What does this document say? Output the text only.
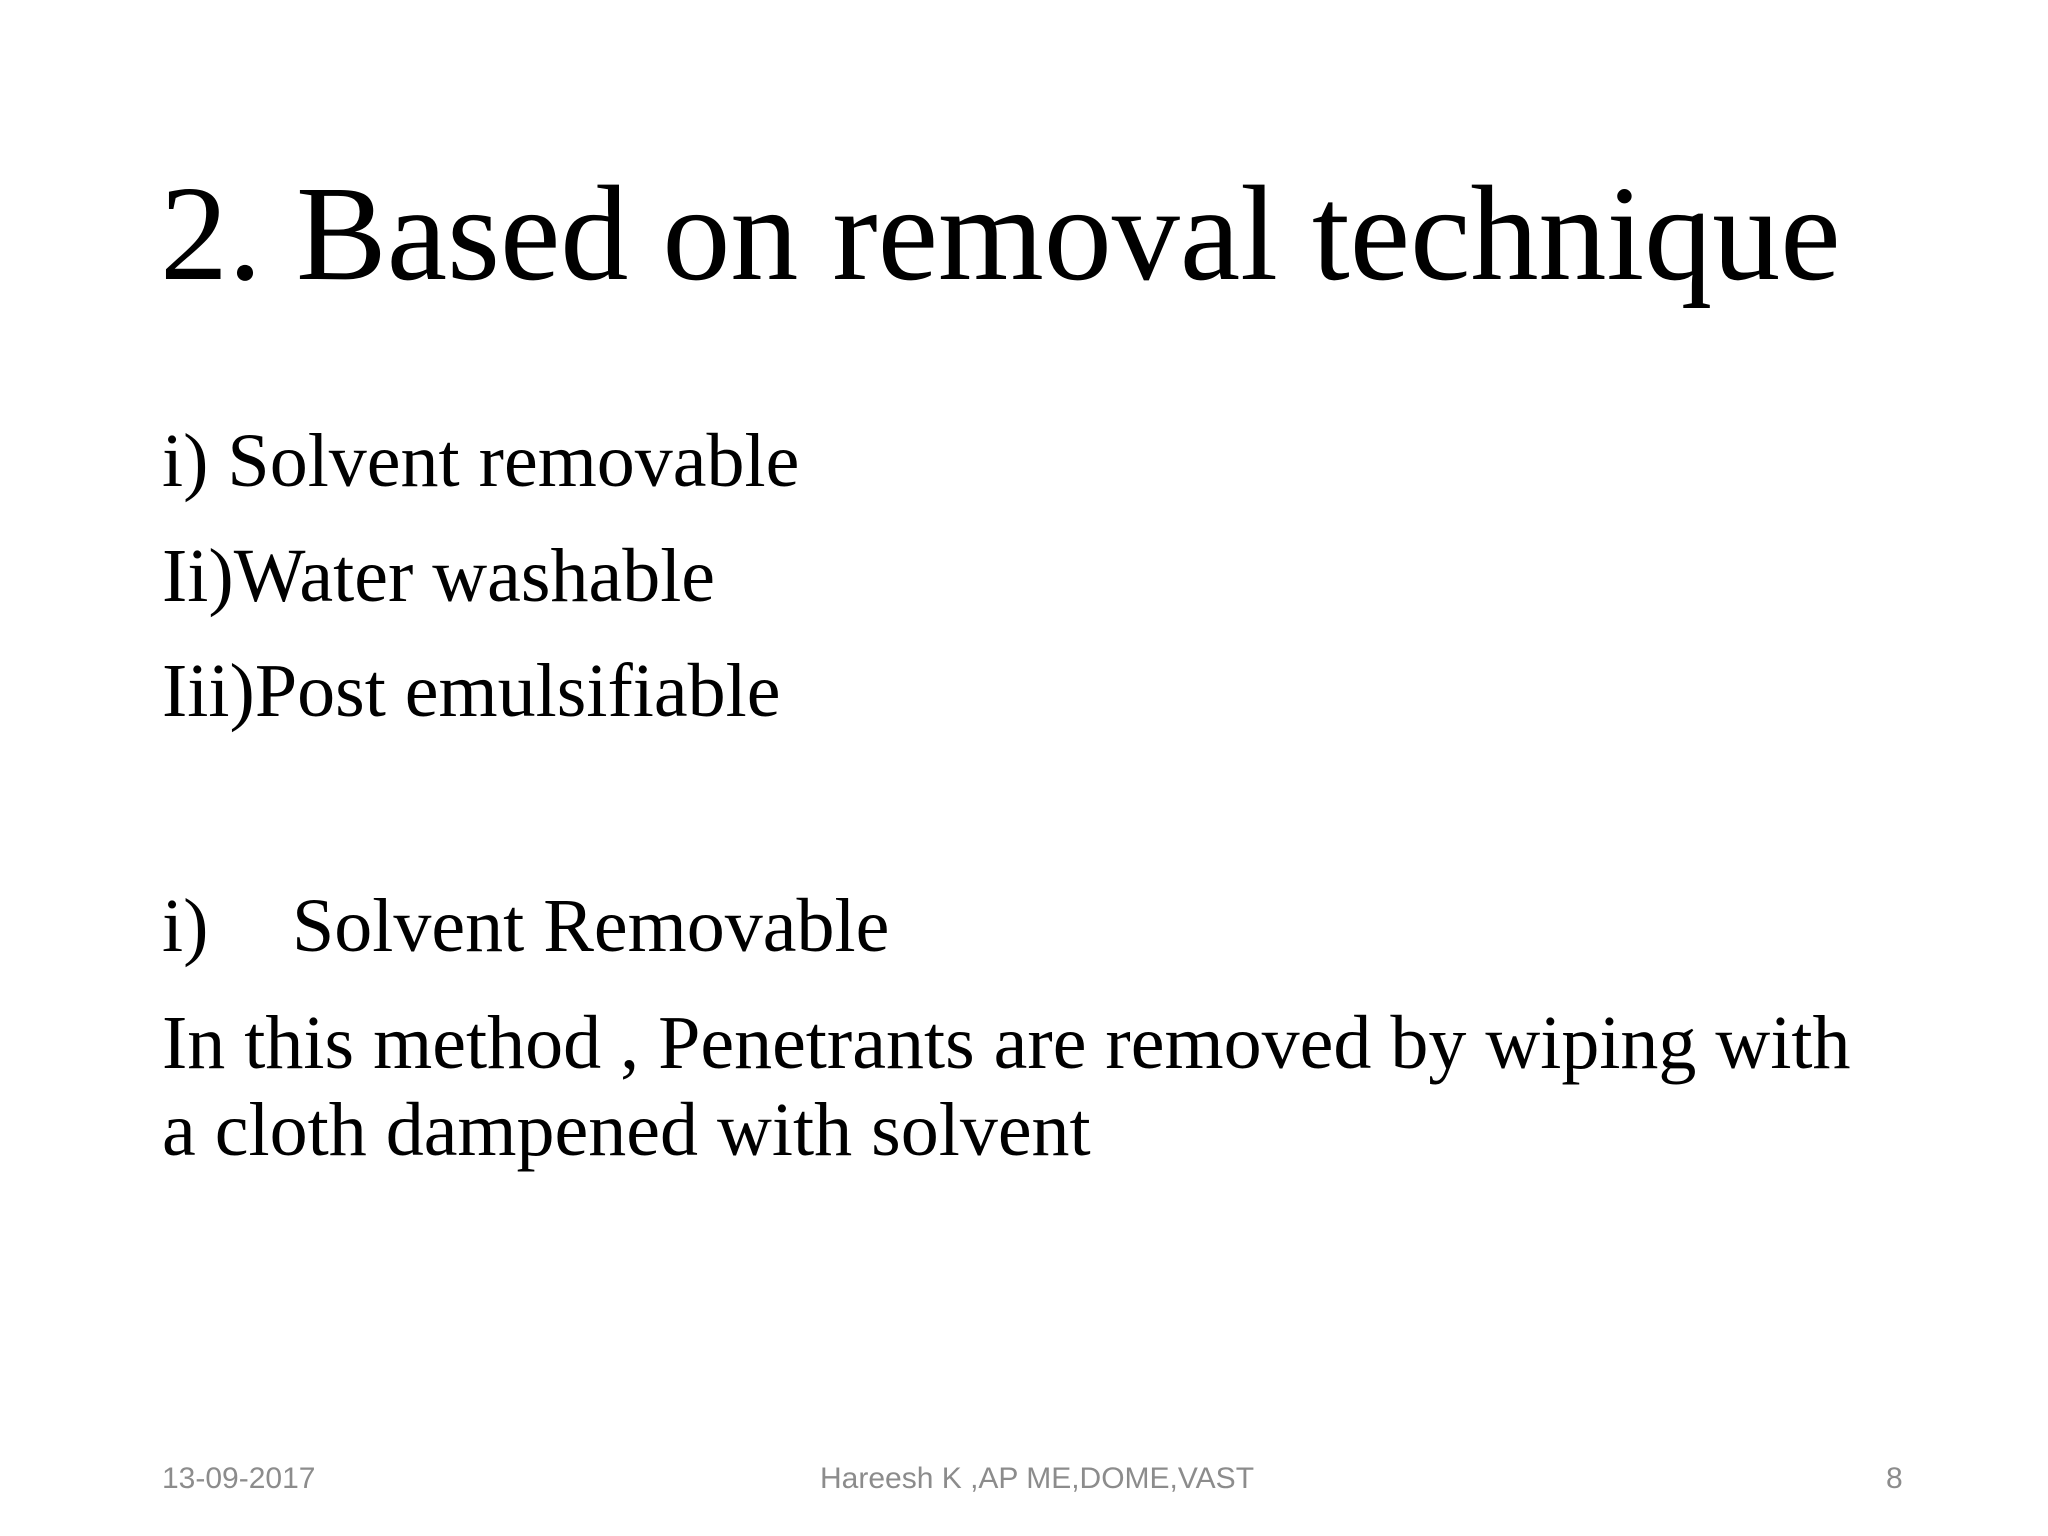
2. Based on removal technique
i) Solvent removable
Ii)Water washable
Iii)Post emulsifiable
i) Solvent Removable
In this method , Penetrants are removed by wiping with a cloth dampened with solvent
13-09-2017	Hareesh K ,AP ME,DOME,VAST	8
